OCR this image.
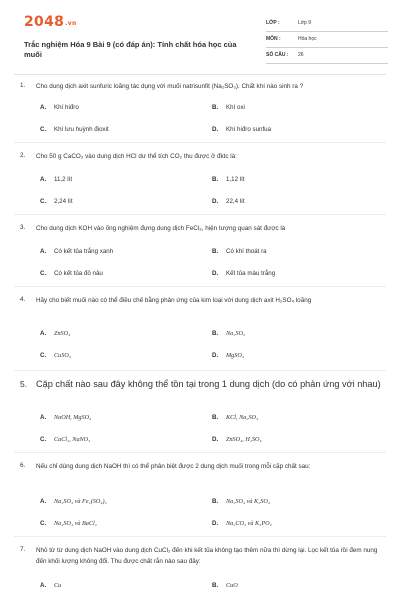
2048.vn
Trắc nghiệm Hóa 9 Bài 9 (có đáp án): Tính chất hóa học của muối
LỚP :	Lớp 9
MÔN :	Hóa học
SỐ CÂU : 26
1. Cho dung dịch axit sunfuric loãng tác dụng với muối natrisunfit (Na₂SO₃). Chất khí nào sinh ra ?
A. Khí hiđro	B. Khí oxi
C. Khí lưu huỳnh đioxit	D. Khí hiđro sunfua
2. Cho 50 g CaCO₃ vào dung dịch HCl dư thể tích CO₂ thu được ở đktc là:
A. 11,2 lít	B. 1,12 lít
C. 2,24 lít	D. 22,4 lít
3. Cho dung dịch KOH vào ống nghiệm đựng dung dịch FeCl₃, hiện tượng quan sát được là
A. Có kết tủa trắng xanh	B. Có khí thoát ra
C. Có kết tủa đỏ nâu	D. Kết tủa màu trắng
4. Hãy cho biết muối nào có thể điều chế bằng phản ứng của kim loại với dung dịch axit H₂SO₄ loãng
A. ZnSO₄	B. Na₂SO₃
C. CuSO₄	D. MgSO₃
5. Cặp chất nào sau đây không thể tồn tại trong 1 dung dịch (do có phản ứng với nhau)
A. NaOH, MgSO₄	B. KCl, Na₂SO₄
C. CaCl₂, NaNO₃	D. ZnSO₄, H₂SO₄
6. Nếu chỉ dùng dung dịch NaOH thì có thể phân biệt được 2 dung dịch muối trong mỗi cặp chất sau:
A. Na₂SO₄ và Fe₂(SO₄)₃	B. Na₂SO₄ và K₂SO₄
C. Na₂SO₄ và BaCl₂	D. Na₂CO₃ và K₃PO₄
7. Nhỏ từ từ dung dịch NaOH vào dung dịch CuCl₂ đến khi kết tủa không tạo thêm nữa thì dừng lại. Lọc kết tủa rồi đem nung đến khối lượng không đổi. Thu được chất rắn nào sau đây:
A. Cu	B. CuO
